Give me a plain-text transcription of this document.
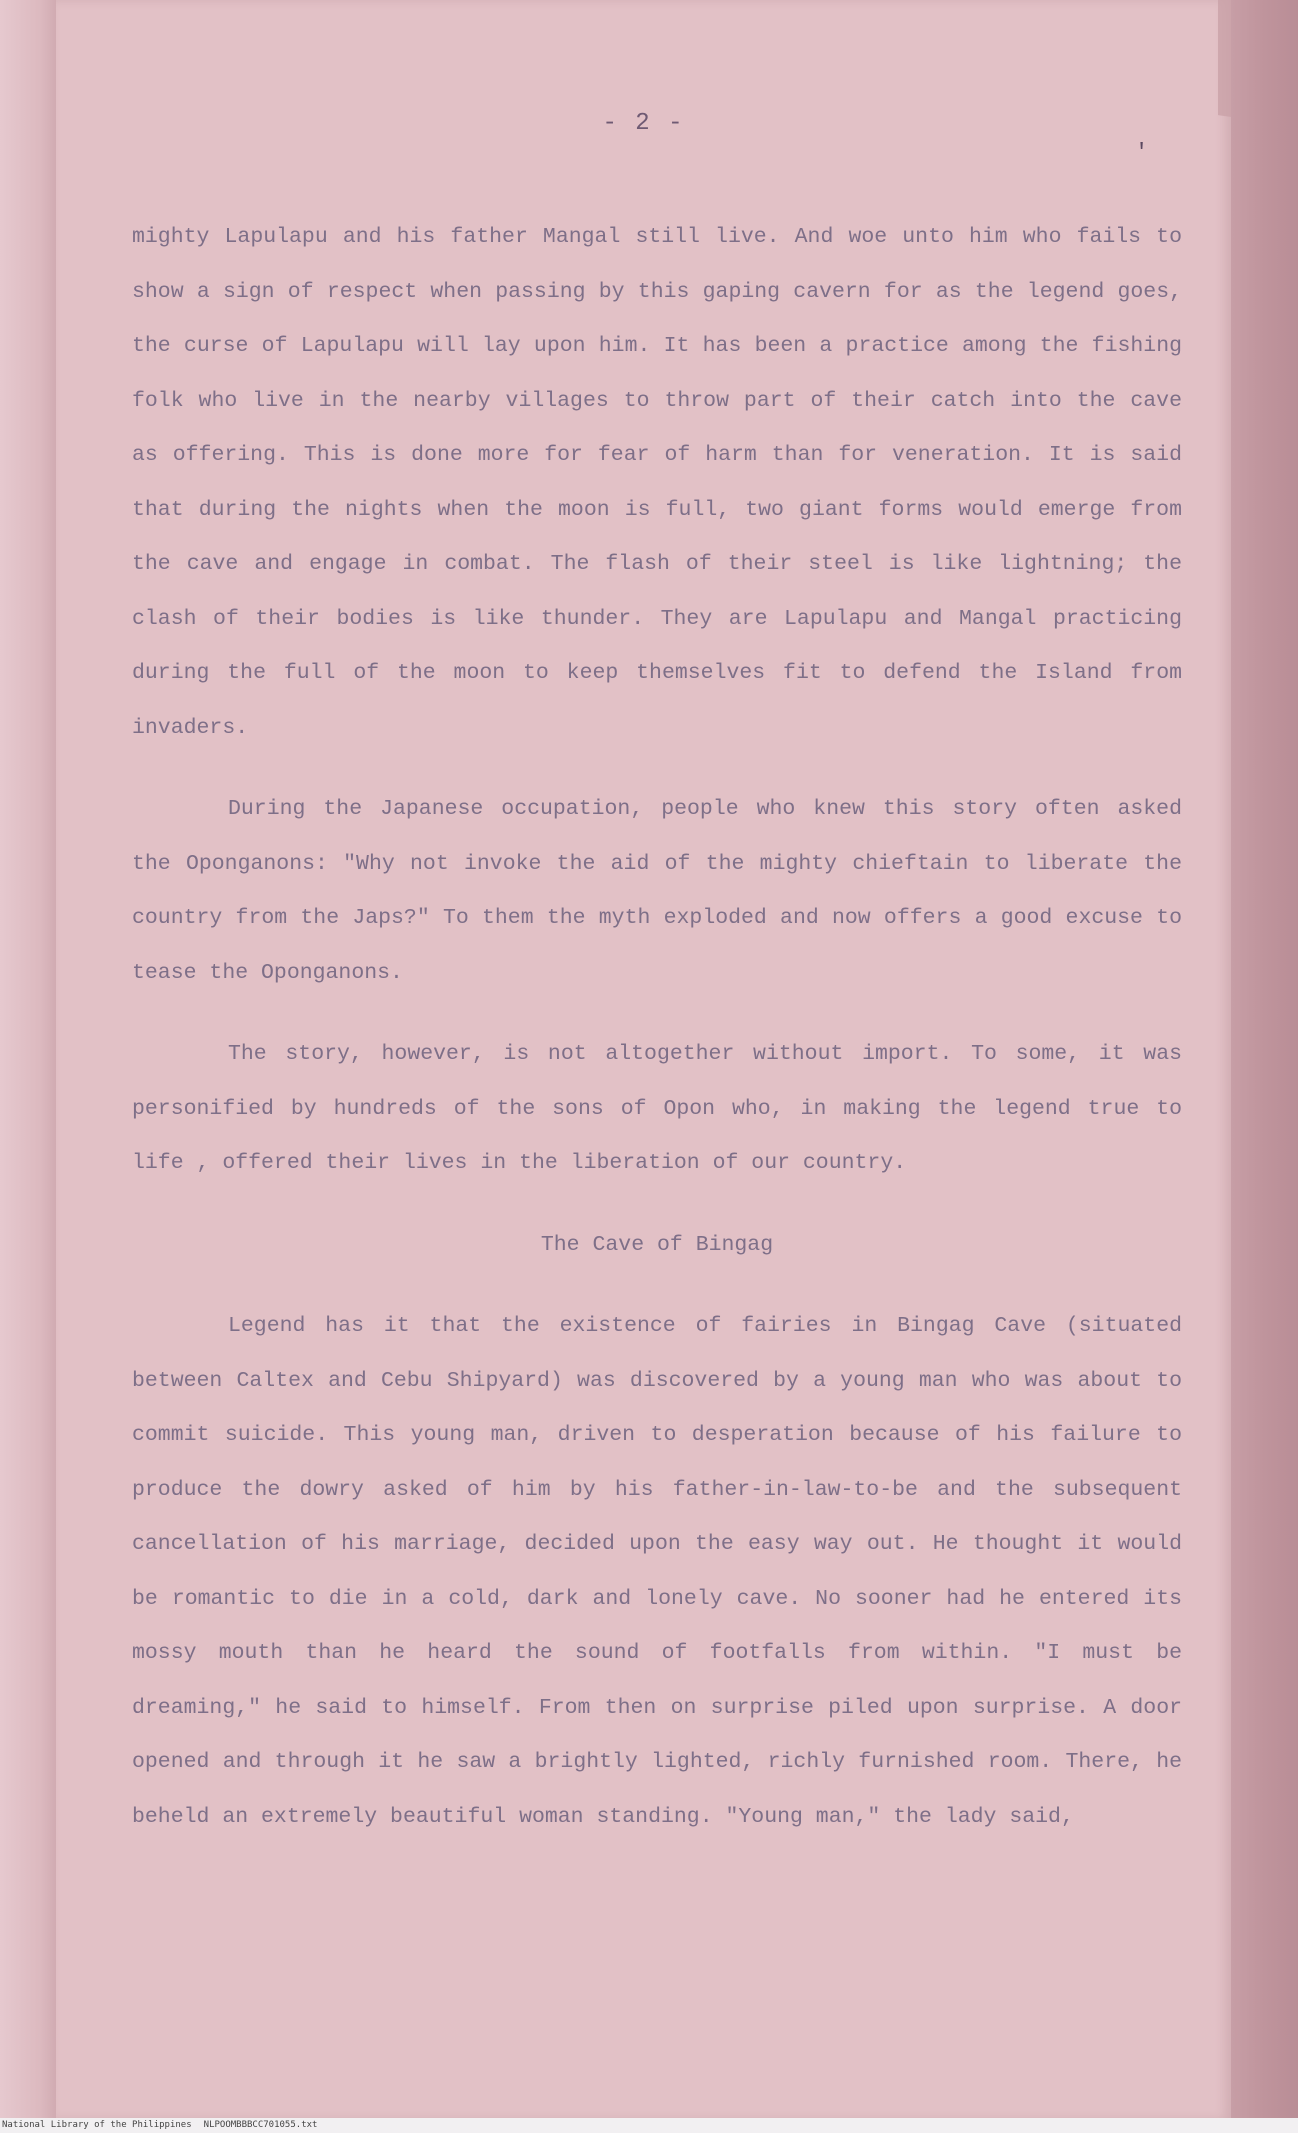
- 2 -
'

mighty Lapulapu and his father Mangal still live. And woe unto him who fails to show a sign of respect when passing by this gaping cavern for as the legend goes, the curse of Lapulapu will lay upon him. It has been a practice among the fishing folk who live in the nearby villages to throw part of their catch into the cave as offering. This is done more for fear of harm than for veneration. It is said that during the nights when the moon is full, two giant forms would emerge from the cave and engage in combat. The flash of their steel is like lightning; the clash of their bodies is like thunder. They are Lapulapu and Mangal practicing during the full of the moon to keep themselves fit to defend the Island from invaders.

During the Japanese occupation, people who knew this story often asked the Oponganons: "Why not invoke the aid of the mighty chieftain to liberate the country from the Japs?" To them the myth exploded and now offers a good excuse to tease the Oponganons.

The story, however, is not altogether without import. To some, it was personified by hundreds of the sons of Opon who, in making the legend true to life , offered their lives in the liberation of our country.

The Cave of Bingag

Legend has it that the existence of fairies in Bingag Cave (situated between Caltex and Cebu Shipyard) was discovered by a young man who was about to commit suicide. This young man, driven to desperation because of his failure to produce the dowry asked of him by his father-in-law-to-be and the subsequent cancellation of his marriage, decided upon the easy way out. He thought it would be romantic to die in a cold, dark and lonely cave. No sooner had he entered its mossy mouth than he heard the sound of footfalls from within. "I must be dreaming," he said to himself. From then on surprise piled upon surprise. A door opened and through it he saw a brightly lighted, richly furnished room. There, he beheld an extremely beautiful woman standing. "Young man," the lady said,

National Library of the Philippines NLPOOMBBBCC701055.txt
